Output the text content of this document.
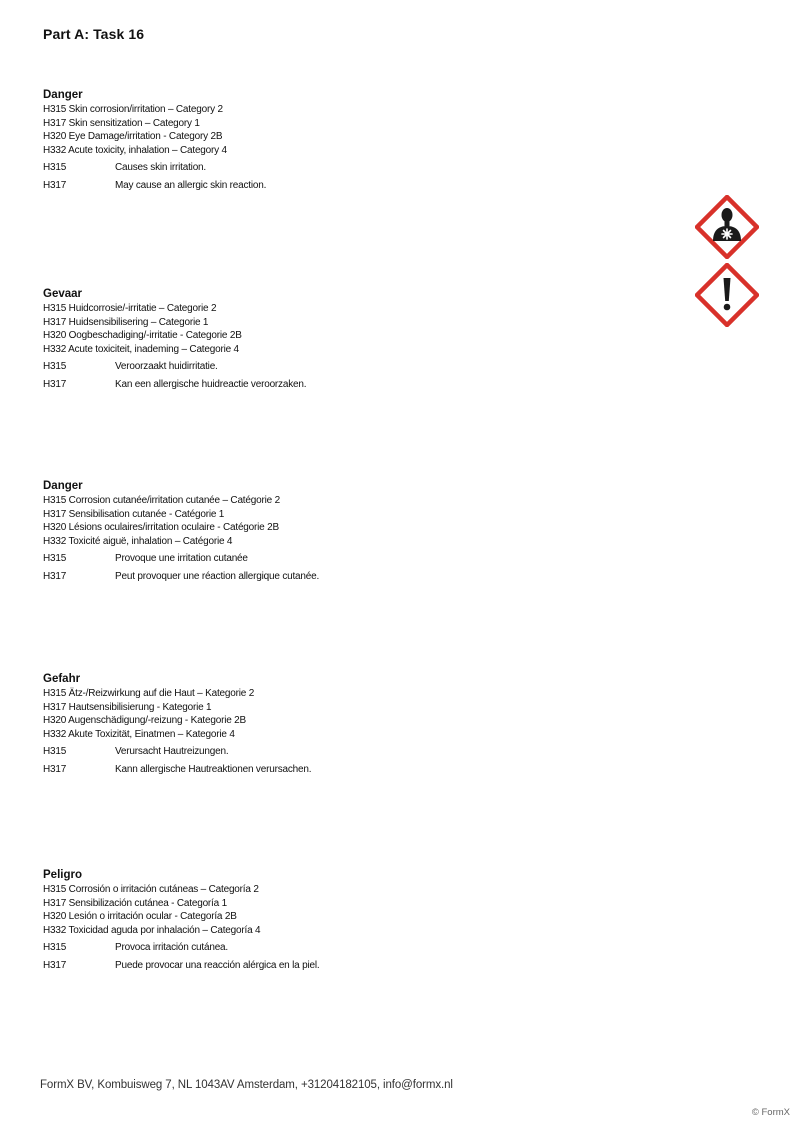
Part A: Task 16
Danger
H315 Skin corrosion/irritation – Category 2
H317 Skin sensitization – Category 1
H320 Eye Damage/irritation - Category 2B
H332 Acute toxicity, inhalation – Category 4
H315	Causes skin irritation.
H317	May cause an allergic skin reaction.
Gevaar
H315 Huidcorrosie/-irritatie – Categorie 2
H317 Huidsensibilisering – Categorie 1
H320 Oogbeschadiging/-irritatie - Categorie 2B
H332 Acute toxiciteit, inademing – Categorie 4
H315	Veroorzaakt huidirritatie.
H317	Kan een allergische huidreactie veroorzaken.
Danger
H315 Corrosion cutanée/irritation cutanée – Catégorie 2
H317 Sensibilisation cutanée - Catégorie 1
H320 Lésions oculaires/irritation oculaire - Catégorie 2B
H332 Toxicité aiguë, inhalation – Catégorie 4
H315	Provoque une irritation cutanée
H317	Peut provoquer une réaction allergique cutanée.
Gefahr
H315 Ätz-/Reizwirkung auf die Haut – Kategorie 2
H317 Hautsensibilisierung - Kategorie 1
H320 Augenschädigung/-reizung - Kategorie 2B
H332 Akute Toxizität, Einatmen – Kategorie 4
H315	Verursacht Hautreizungen.
H317	Kann allergische Hautreaktionen verursachen.
Peligro
H315 Corrosión o irritación cutáneas – Categoría 2
H317 Sensibilización cutánea - Categoría 1
H320 Lesión o irritación ocular - Categoría 2B
H332 Toxicidad aguda por inhalación – Categoría 4
H315	Provoca irritación cutánea.
H317	Puede provocar una reacción alérgica en la piel.
FormX BV, Kombuisweg 7, NL 1043AV Amsterdam, +31204182105, info@formx.nl
© FormX
